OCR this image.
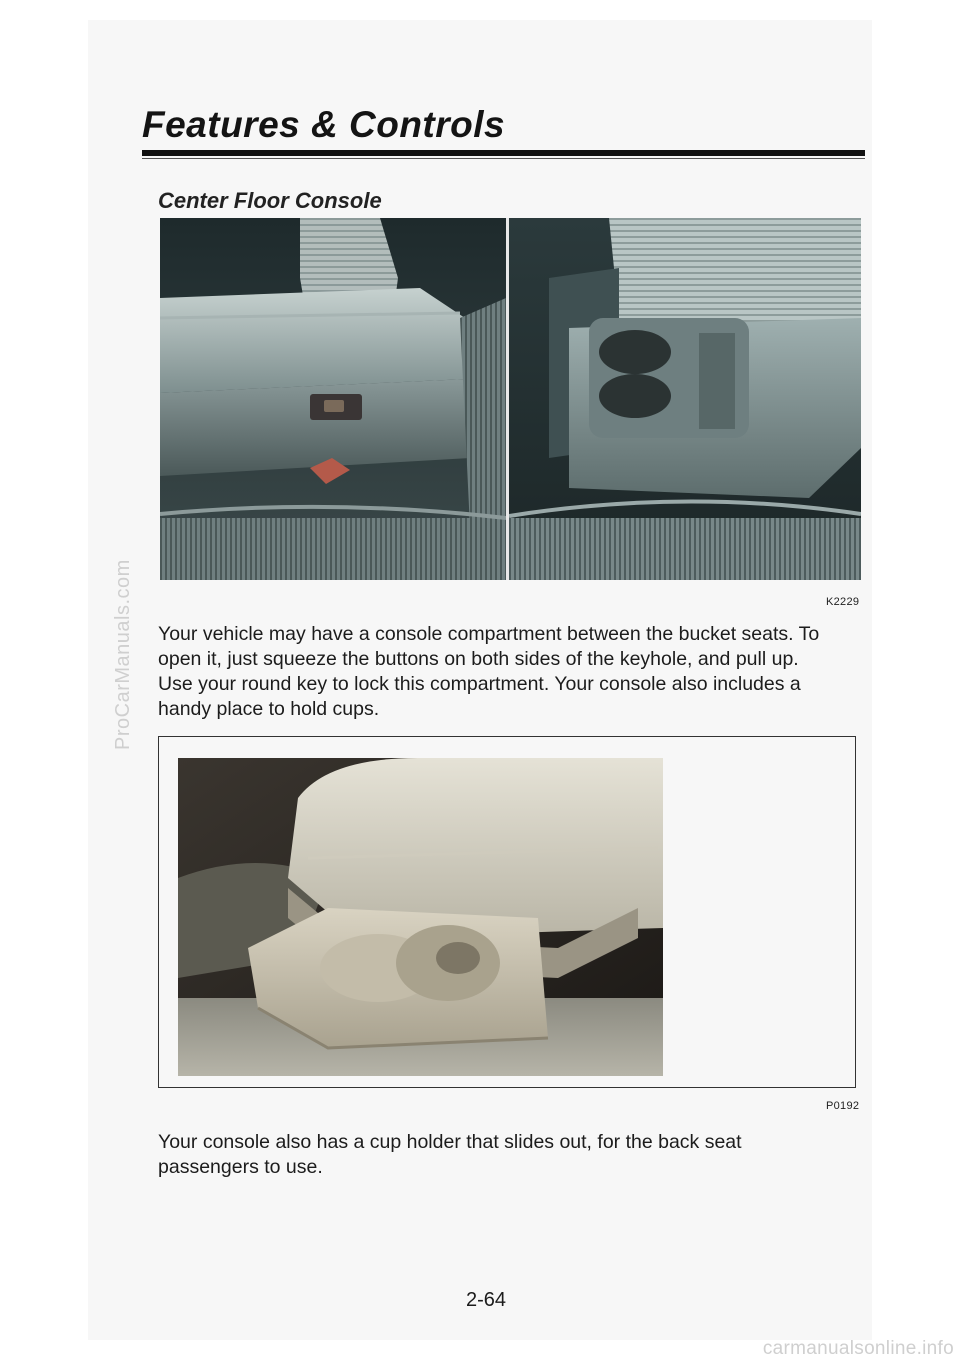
ProCarManuals.com
Features & Controls
Center Floor Console
K2229

Your vehicle may have a console compartment between the bucket seats. To
open it, just squeeze the buttons on both sides of the keyhole, and pull up.
Use your round key to lock this compartment. Your console also includes a
handy place to hold cups.

P0192

Your console also has a cup holder that slides out, for the back seat
passengers to use.

2-64
carmanualsonline.info
